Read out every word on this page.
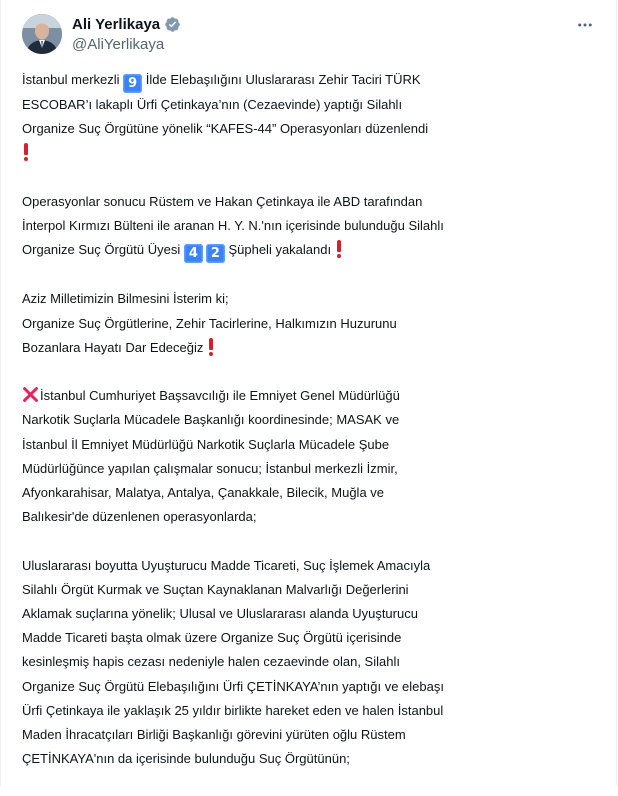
Ali Yerlikaya
@AliYerlikaya
İstanbul merkezli 9 İlde Elebaşılığını Uluslararası Zehir Taciri TÜRK
ESCOBAR’ı lakaplı Ürfi Çetinkaya’nın (Cezaevinde) yaptığı Silahlı
Organize Suç Örgütüne yönelik “KAFES-44” Operasyonları düzenlendi
Operasyonlar sonucu Rüstem ve Hakan Çetinkaya ile ABD tarafından
İnterpol Kırmızı Bülteni ile aranan H. Y. N.'nın içerisinde bulunduğu Silahlı
Organize Suç Örgütü Üyesi 4 2 Şüpheli yakalandı
Aziz Milletimizin Bilmesini İsterim ki;
Organize Suç Örgütlerine, Zehir Tacirlerine, Halkımızın Huzurunu
Bozanlara Hayatı Dar Edeceğiz
İstanbul Cumhuriyet Başsavcılığı ile Emniyet Genel Müdürlüğü
Narkotik Suçlarla Mücadele Başkanlığı koordinesinde; MASAK ve
İstanbul İl Emniyet Müdürlüğü Narkotik Suçlarla Mücadele Şube
Müdürlüğünce yapılan çalışmalar sonucu; İstanbul merkezli İzmir,
Afyonkarahisar, Malatya, Antalya, Çanakkale, Bilecik, Muğla ve
Balıkesir'de düzenlenen operasyonlarda;
Uluslararası boyutta Uyuşturucu Madde Ticareti, Suç İşlemek Amacıyla
Silahlı Örgüt Kurmak ve Suçtan Kaynaklanan Malvarlığı Değerlerini
Aklamak suçlarına yönelik; Ulusal ve Uluslararası alanda Uyuşturucu
Madde Ticareti başta olmak üzere Organize Suç Örgütü içerisinde
kesinleşmiş hapis cezası nedeniyle halen cezaevinde olan, Silahlı
Organize Suç Örgütü Elebaşılığını Ürfi ÇETİNKAYA’nın yaptığı ve elebaşı
Ürfi Çetinkaya ile yaklaşık 25 yıldır birlikte hareket eden ve halen İstanbul
Maden İhracatçıları Birliği Başkanlığı görevini yürüten oğlu Rüstem
ÇETİNKAYA'nın da içerisinde bulunduğu Suç Örgütünün;
